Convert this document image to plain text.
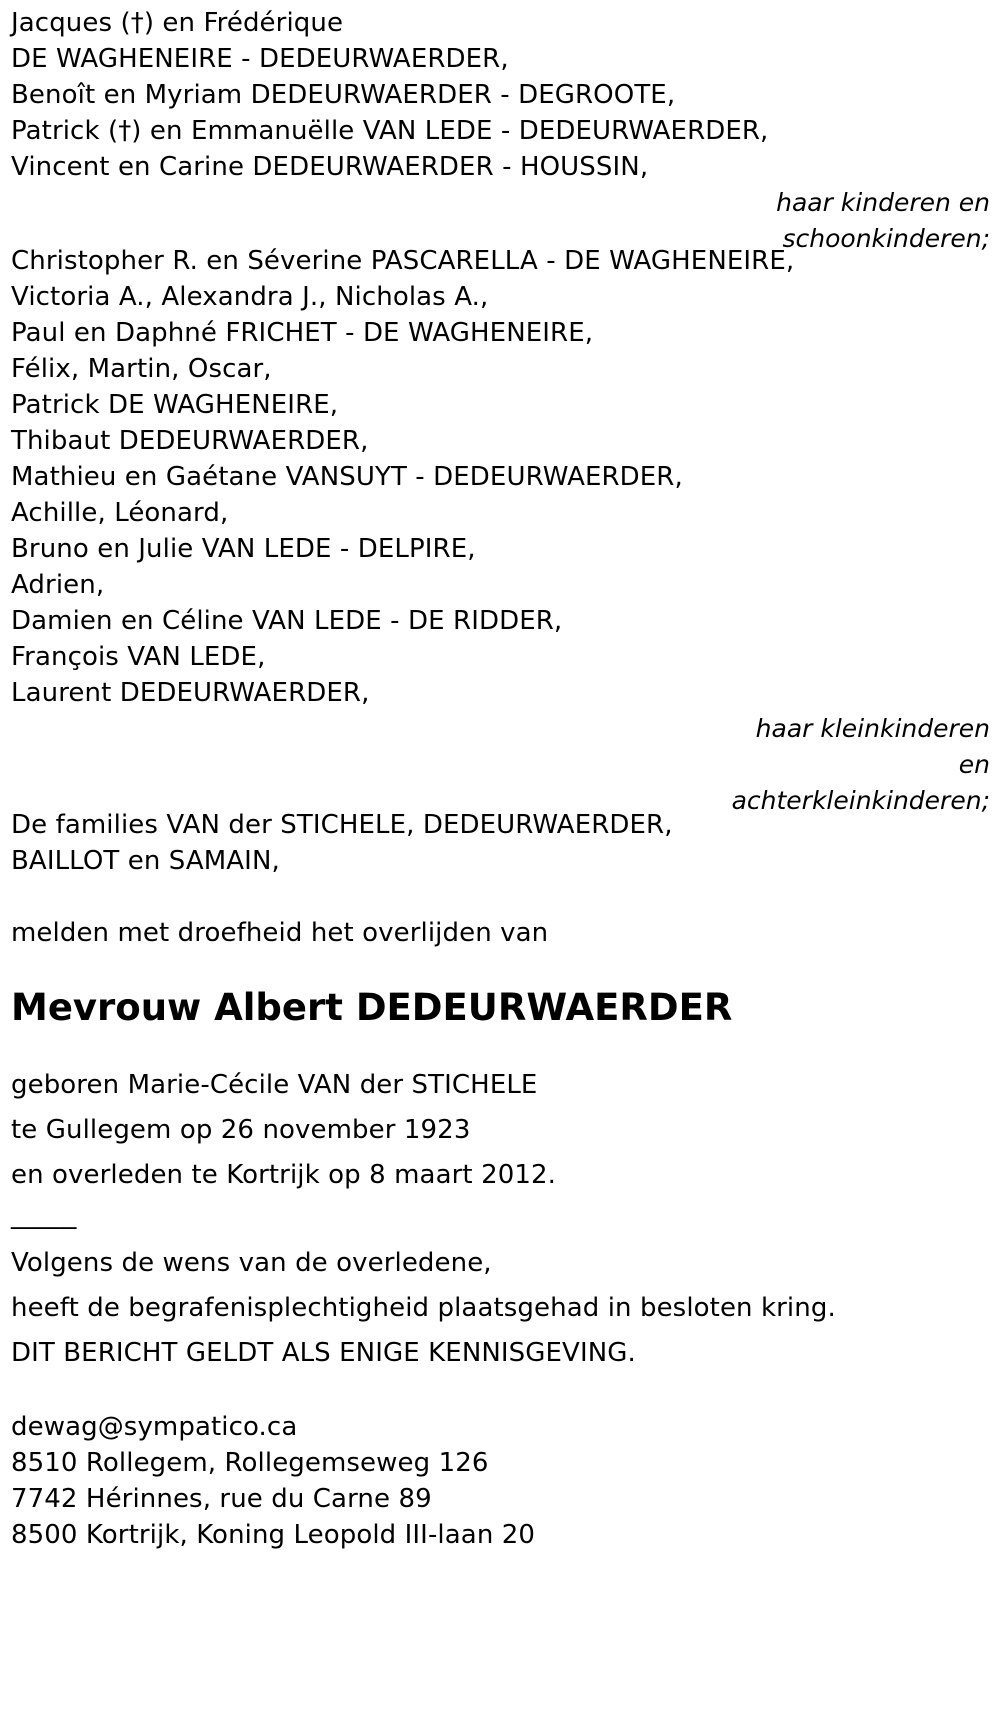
Jacques (†) en Frédérique
DE WAGHENEIRE - DEDEURWAERDER,
Benoît en Myriam DEDEURWAERDER - DEGROOTE,
Patrick (†) en Emmanuëlle VAN LEDE - DEDEURWAERDER,
Vincent en Carine DEDEURWAERDER - HOUSSIN,
haar kinderen en
schoonkinderen;
Christopher R. en Séverine PASCARELLA - DE WAGHENEIRE,
Victoria A., Alexandra J., Nicholas A.,
Paul en Daphné FRICHET - DE WAGHENEIRE,
Félix, Martin, Oscar,
Patrick DE WAGHENEIRE,
Thibaut DEDEURWAERDER,
Mathieu en Gaétane VANSUYT - DEDEURWAERDER,
Achille, Léonard,
Bruno en Julie VAN LEDE - DELPIRE,
Adrien,
Damien en Céline VAN LEDE - DE RIDDER,
François VAN LEDE,
Laurent DEDEURWAERDER,
haar kleinkinderen
en
achterkleinkinderen;
De families VAN der STICHELE, DEDEURWAERDER,
BAILLOT en SAMAIN,
melden met droefheid het overlijden van
Mevrouw Albert DEDEURWAERDER
geboren Marie-Cécile VAN der STICHELE
te Gullegem op 26 november 1923
en overleden te Kortrijk op 8 maart 2012.
_____
Volgens de wens van de overledene,
heeft de begrafenisplechtigheid plaatsgehad in besloten kring.
DIT BERICHT GELDT ALS ENIGE KENNISGEVING.
dewag@sympatico.ca
8510 Rollegem, Rollegemseweg 126
7742 Hérinnes, rue du Carne 89
8500 Kortrijk, Koning Leopold III-laan 20
